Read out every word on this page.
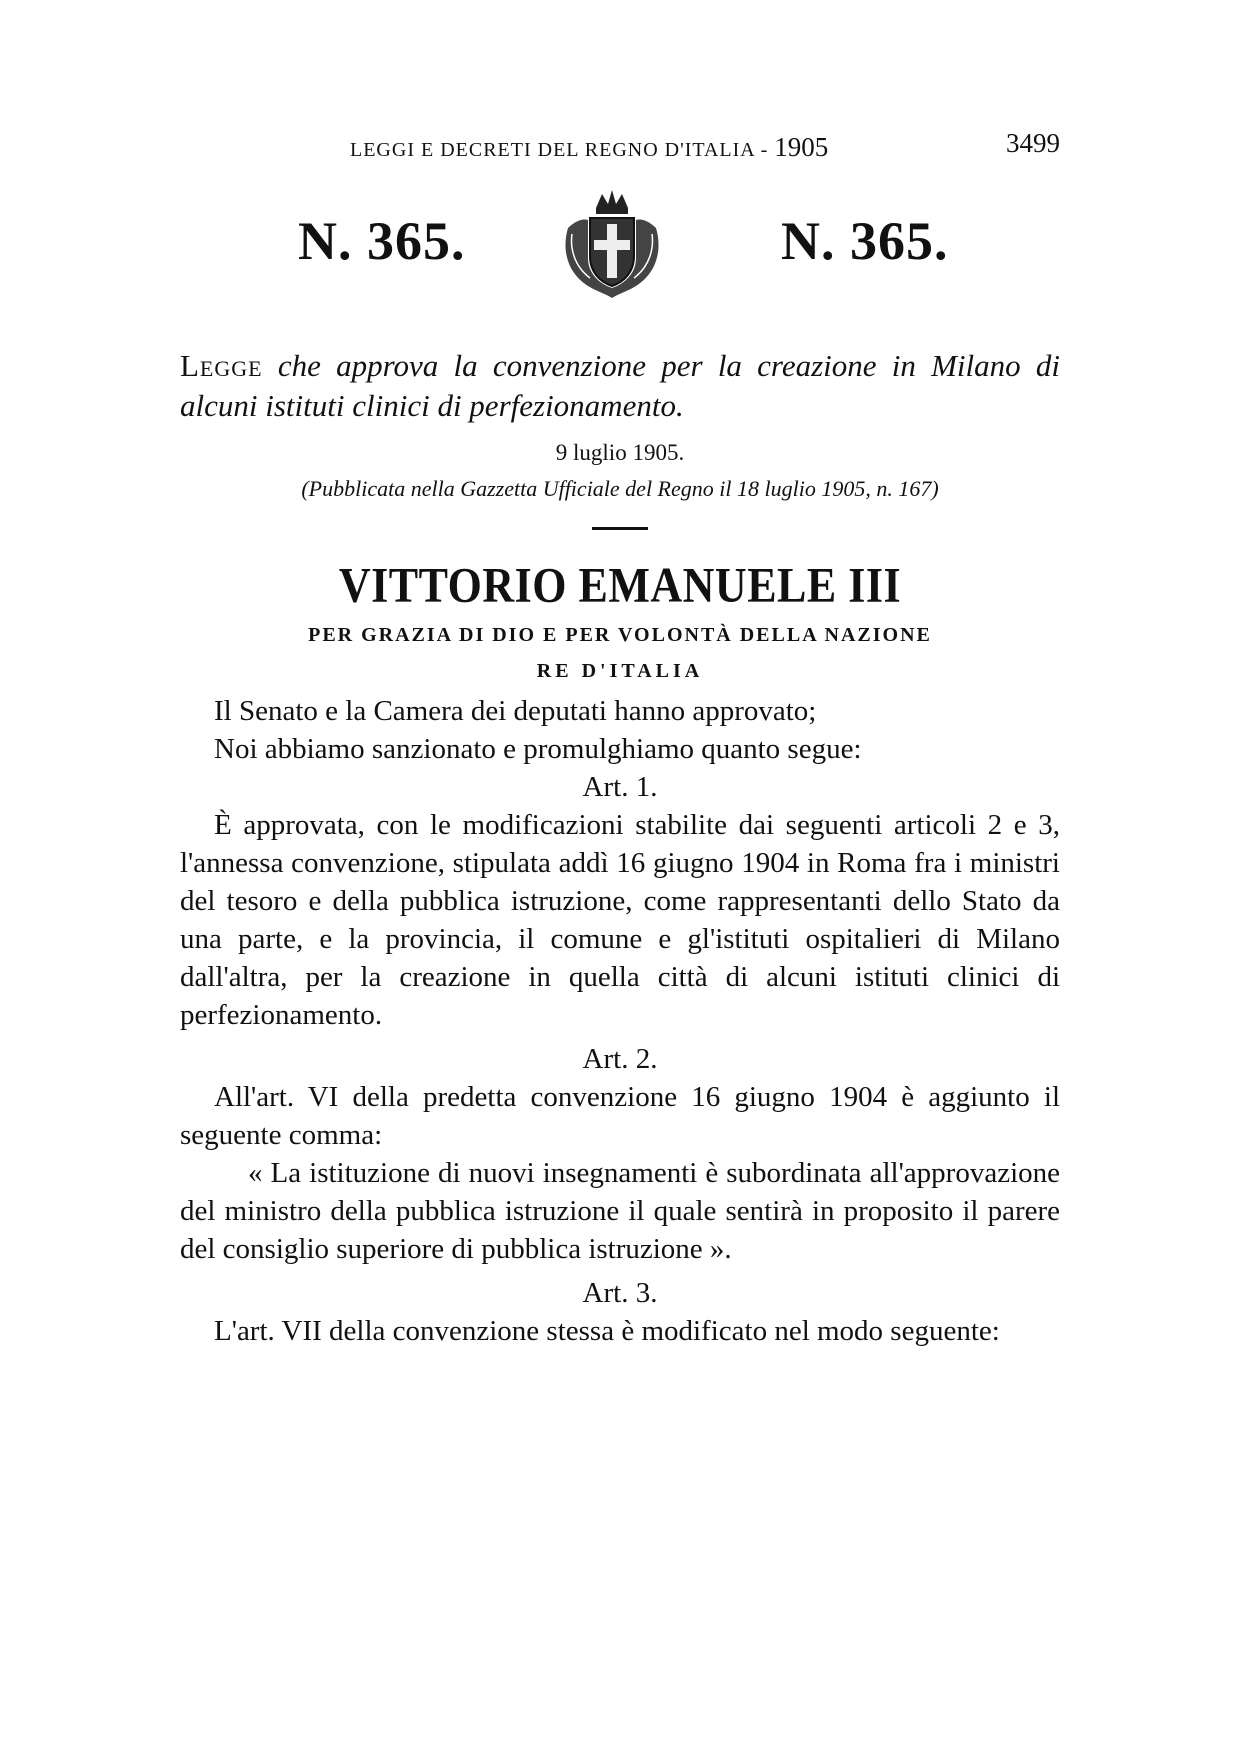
LEGGI E DECRETI DEL REGNO D'ITALIA - 1905	3499
N. 365.	N. 365.
Legge che approva la convenzione per la creazione in Milano di alcuni istituti clinici di perfezionamento.
9 luglio 1905.
(Pubblicata nella Gazzetta Ufficiale del Regno il 18 luglio 1905, n. 167)
VITTORIO EMANUELE III
PER GRAZIA DI DIO E PER VOLONTÀ DELLA NAZIONE
RE D'ITALIA

Il Senato e la Camera dei deputati hanno approvato;

Noi abbiamo sanzionato e promulghiamo quanto segue:

Art. 1.

È approvata, con le modificazioni stabilite dai seguenti articoli 2 e 3, l'annessa convenzione, stipulata addì 16 giugno 1904 in Roma fra i ministri del tesoro e della pubblica istruzione, come rappresentanti dello Stato da una parte, e la provincia, il comune e gl'istituti ospitalieri di Milano dall'altra, per la creazione in quella città di alcuni istituti clinici di perfezionamento.

Art. 2.

All'art. VI della predetta convenzione 16 giugno 1904 è aggiunto il seguente comma:

« La istituzione di nuovi insegnamenti è subordinata all'approvazione del ministro della pubblica istruzione il quale sentirà in proposito il parere del consiglio superiore di pubblica istruzione ».

Art. 3.

L'art. VII della convenzione stessa è modificato nel modo seguente:
